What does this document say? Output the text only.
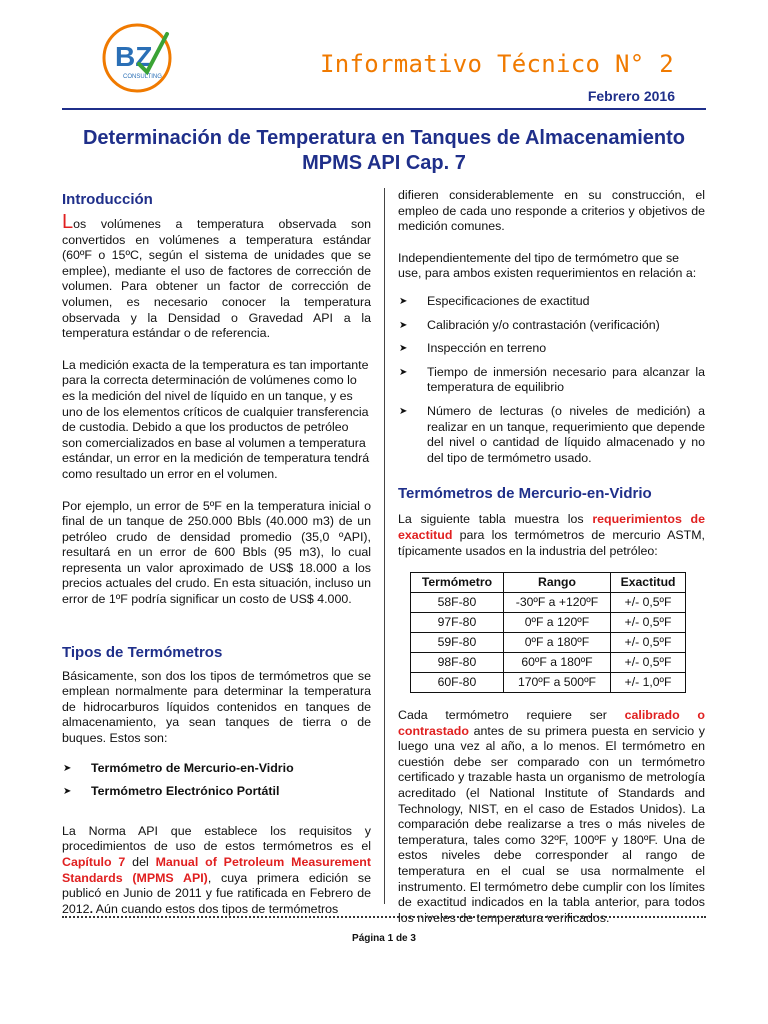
BZ
CONSULTING	Informativo Técnico N° 2
Febrero 2016
Determinación de Temperatura en Tanques de Almacenamiento
MPMS API Cap. 7
Introducción

Los volúmenes a temperatura observada son convertidos en volúmenes a temperatura estándar (60ºF o 15ºC, según el sistema de unidades que se emplee), mediante el uso de factores de corrección de volumen. Para obtener un factor de corrección de volumen, es necesario conocer la temperatura observada y la Densidad o Gravedad API a la temperatura estándar o de referencia.

La medición exacta de la temperatura es tan importante para la correcta determinación de volúmenes como lo es la medición del nivel de líquido en un tanque, y es uno de los elementos críticos de cualquier transferencia de custodia. Debido a que los productos de petróleo son comercializados en base al volumen a temperatura estándar, un error en la medición de temperatura tendrá como resultado un error en el volumen.

Por ejemplo, un error de 5ºF en la temperatura inicial o final de un tanque de 250.000 Bbls (40.000 m3) de un petróleo crudo de densidad promedio (35,0 ºAPI), resultará en un error de 600 Bbls (95 m3), lo cual representa un valor aproximado de US$ 18.000 a los precios actuales del crudo. En esta situación, incluso un error de 1ºF podría significar un costo de US$ 4.000.

Tipos de Termómetros

Básicamente, son dos los tipos de termómetros que se emplean normalmente para determinar la temperatura de hidrocarburos líquidos contenidos en tanques de almacenamiento, ya sean tanques de tierra o de buques. Estos son:

➤ Termómetro de Mercurio-en-Vidrio
➤ Termómetro Electrónico Portátil

La Norma API que establece los requisitos y procedimientos de uso de estos termómetros es el Capítulo 7 del Manual of Petroleum Measurement Standards (MPMS API), cuya primera edición se publicó en Junio de 2011 y fue ratificada en Febrero de 2012. Aún cuando estos dos tipos de termómetros

difieren considerablemente en su construcción, el empleo de cada uno responde a criterios y objetivos de medición comunes.

Independientemente del tipo de termómetro que se use, para ambos existen requerimientos en relación a:

➤ Especificaciones de exactitud
➤ Calibración y/o contrastación (verificación)
➤ Inspección en terreno
➤ Tiempo de inmersión necesario para alcanzar la temperatura de equilibrio
➤ Número de lecturas (o niveles de medición) a realizar en un tanque, requerimiento que depende del nivel o cantidad de líquido almacenado y no del tipo de termómetro usado.
Termómetros de Mercurio-en-Vidrio

La siguiente tabla muestra los requerimientos de exactitud para los termómetros de mercurio ASTM, típicamente usados en la industria del petróleo:

Termómetro	Rango	Exactitud
58F-80	-30ºF a +120ºF	+/- 0,5ºF
97F-80	0ºF a 120ºF	+/- 0,5ºF
59F-80	0ºF a 180ºF	+/- 0,5ºF
98F-80	60ºF a 180ºF	+/- 0,5ºF
60F-80	170ºF a 500ºF	+/- 1,0ºF

Cada termómetro requiere ser calibrado o contrastado antes de su primera puesta en servicio y luego una vez al año, a lo menos. El termómetro en cuestión debe ser comparado con un termómetro certificado y trazable hasta un organismo de metrología acreditado (el National Institute of Standards and Technology, NIST, en el caso de Estados Unidos). La comparación debe realizarse a tres o más niveles de temperatura, tales como 32ºF, 100ºF y 180ºF. Una de estos niveles debe corresponder al rango de temperatura en el cual se usa normalmente el instrumento. El termómetro debe cumplir con los límites de exactitud indicados en la tabla anterior, para todos los niveles de temperatura verificados.

Página 1 de 3
